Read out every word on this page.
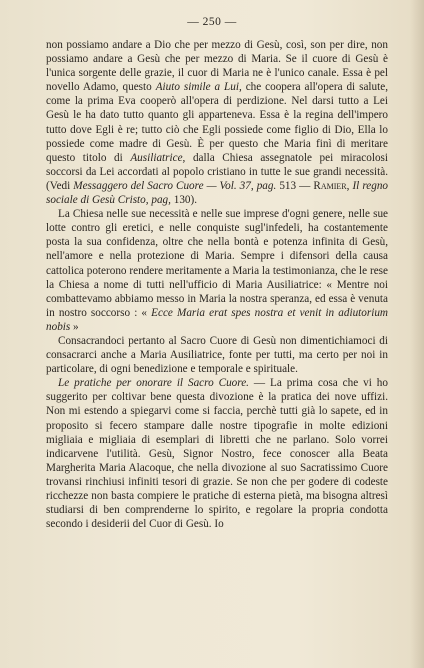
— 250 —

non possiamo andare a Dio che per mezzo di Gesù, così, son per dire, non possiamo andare a Gesù che per mezzo di Maria. Se il cuore di Gesù è l'unica sorgente delle grazie, il cuor di Maria ne è l'unico canale. Essa è pel novello Adamo, questo Aiuto simile a Lui, che coopera all'opera di salute, come la prima Eva cooperò all'opera di perdizione. Nel darsi tutto a Lei Gesù le ha dato tutto quanto gli apparteneva. Essa è la regina dell'impero tutto dove Egli è re; tutto ciò che Egli possiede come figlio di Dio, Ella lo possiede come madre di Gesù. È per questo che Maria finì di meritare questo titolo di Ausiliatrice, dalla Chiesa assegnatole pei miracolosi soccorsi da Lei accordati al popolo cristiano in tutte le sue grandi necessità. (Vedi Messaggero del Sacro Cuore — Vol. 37, pag. 513 — Ramier, Il regno sociale di Gesù Cristo, pag, 130).

La Chiesa nelle sue necessità e nelle sue imprese d'ogni genere, nelle sue lotte contro gli eretici, e nelle conquiste sugl'infedeli, ha costantemente posta la sua confidenza, oltre che nella bontà e potenza infinita di Gesù, nell'amore e nella protezione di Maria. Sempre i difensori della causa cattolica poterono rendere meritamente a Maria la testimonianza, che le rese la Chiesa a nome di tutti nell'ufficio di Maria Ausiliatrice: « Mentre noi combattevamo abbiamo messo in Maria la nostra speranza, ed essa è venuta in nostro soccorso : « Ecce Maria erat spes nostra et venit in adiutorium nobis »

Consacrandoci pertanto al Sacro Cuore di Gesù non dimentichiamoci di consacrarci anche a Maria Ausiliatrice, fonte per tutti, ma certo per noi in particolare, di ogni benedizione e temporale e spirituale.

Le pratiche per onorare il Sacro Cuore. — La prima cosa che vi ho suggerito per coltivar bene questa divozione è la pratica dei nove uffizi. Non mi estendo a spiegarvi come si faccia, perchè tutti già lo sapete, ed in proposito si fecero stampare dalle nostre tipografie in molte edizioni migliaia e migliaia di esemplari di libretti che ne parlano. Solo vorrei indicarvene l'utilità. Gesù, Signor Nostro, fece conoscer alla Beata Margherita Maria Alacoque, che nella divozione al suo Sacratissimo Cuore trovansi rinchiusi infiniti tesori di grazie. Se non che per godere di codeste ricchezze non basta compiere le pratiche di esterna pietà, ma bisogna altresì studiarsi di ben comprenderne lo spirito, e regolare la propria condotta secondo i desiderii del Cuor di Gesù. Io
